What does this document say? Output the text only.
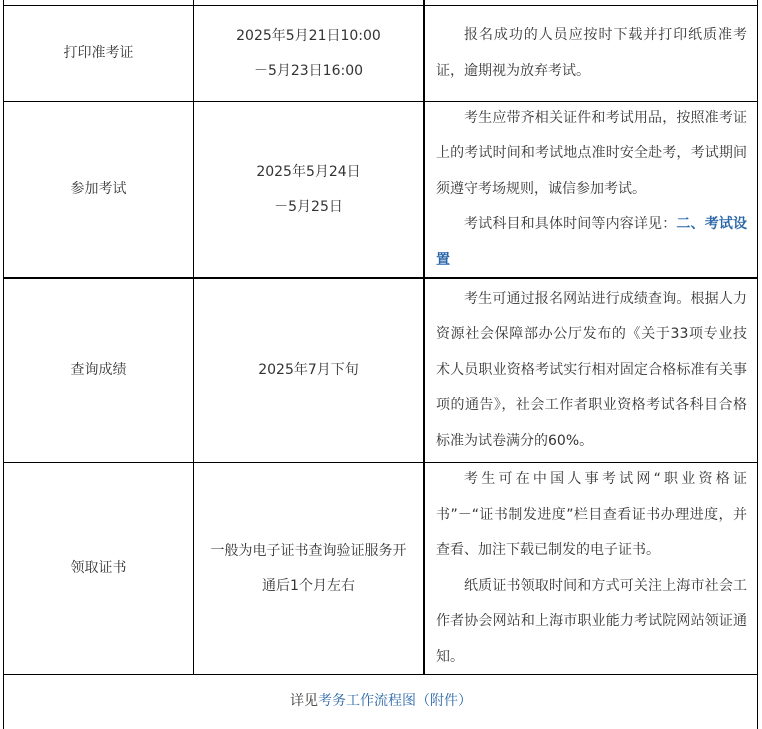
打印准考证

2025年5月21日10:00

－5月23日16:00

报名成功的人员应按时下载并打印纸质准考证，逾期视为放弃考试。

参加考试

2025年5月24日

－5月25日

考生应带齐相关证件和考试用品，按照准考证上的考试时间和考试地点准时安全赴考，考试期间须遵守考场规则，诚信参加考试。

考试科目和具体时间等内容详见：二、考试设置

查询成绩	2025年7月下旬

考生可通过报名网站进行成绩查询。根据人力资源社会保障部办公厅发布的《关于33项专业技术人员职业资格考试实行相对固定合格标准有关事项的通告》，社会工作者职业资格考试各科目合格标准为试卷满分的60%。

领取证书

一般为电子证书查询验证服务开

通后1个月左右

考生可在中国人事考试网“职业资格证书”－“证书制发进度”栏目查看证书办理进度，并查看、加注下载已制发的电子证书。

纸质证书领取时间和方式可关注上海市社会工作者协会网站和上海市职业能力考试院网站领证通知。

详见考务工作流程图（附件）
